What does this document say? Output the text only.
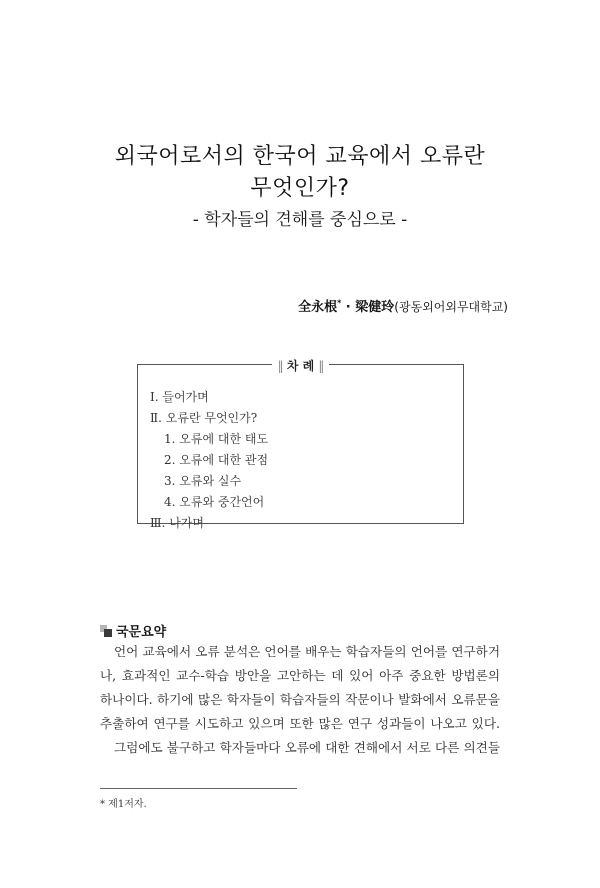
외국어로서의 한국어 교육에서 오류란
무엇인가?
- 학자들의 견해를 중심으로 -
全永根* · 梁健玲(광동외어외무대학교)
‖ 차 례 ‖
Ⅰ. 들어가며
Ⅱ. 오류란 무엇인가?
1. 오류에 대한 태도
2. 오류에 대한 관점
3. 오류와 실수
4. 오류와 중간언어
Ⅲ. 나가며
국문요약
언어 교육에서 오류 분석은 언어를 배우는 학습자들의 언어를 연구하거
나, 효과적인 교수-학습 방안을 고안하는 데 있어 아주 중요한 방법론의
하나이다. 하기에 많은 학자들이 학습자들의 작문이나 발화에서 오류문을
추출하여 연구를 시도하고 있으며 또한 많은 연구 성과들이 나오고 있다.
그럼에도 불구하고 학자들마다 오류에 대한 견해에서 서로 다른 의견들
* 제1저자.
